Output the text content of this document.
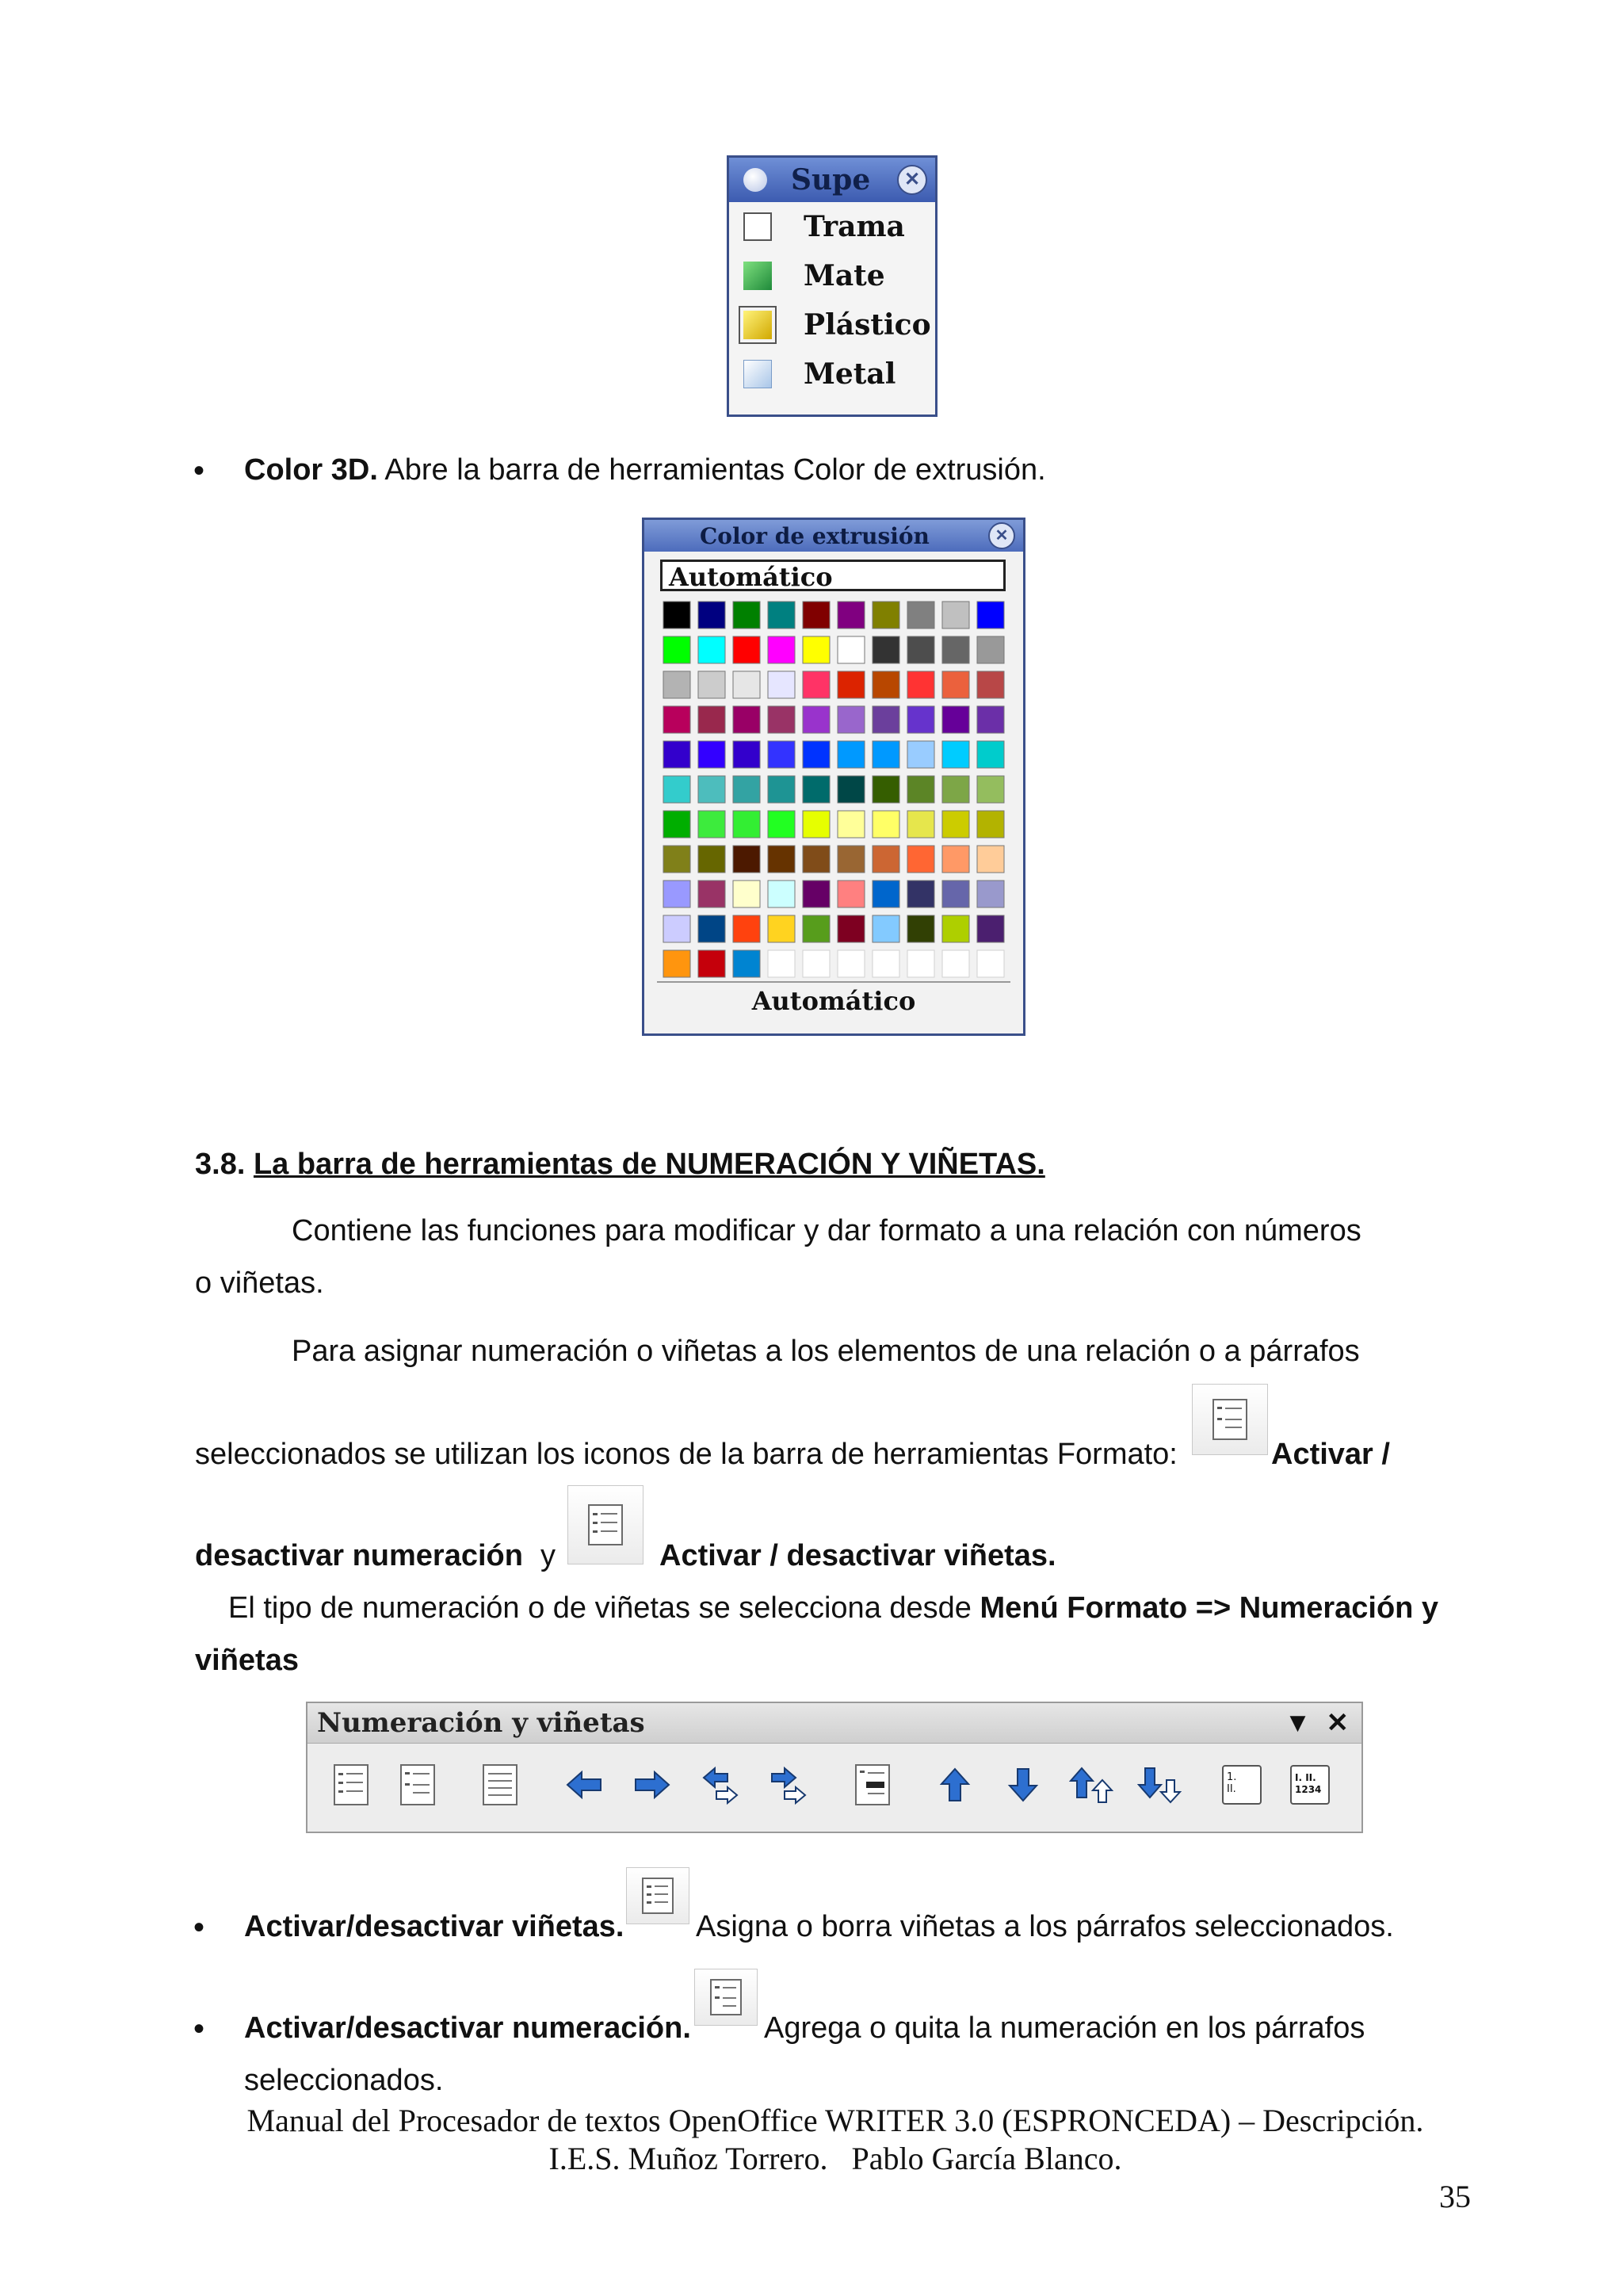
Supe	✕
Trama
Mate
Plástico
Metal
• Color 3D. Abre la barra de herramientas Color de extrusión.
Color de extrusión	✕
Automático
Automático
3.8. La barra de herramientas de NUMERACIÓN Y VIÑETAS.
Contiene las funciones para modificar y dar formato a una relación con números
o viñetas.
Para asignar numeración o viñetas a los elementos de una relación o a párrafos
seleccionados se utilizan los iconos de la barra de herramientas Formato:	Activar /
desactivar numeración y	Activar / desactivar viñetas.
El tipo de numeración o de viñetas se selecciona desde Menú Formato => Numeración y
viñetas
Numeración y viñetas	▼ ✕
1.
II.
I. II.
1234
• Activar/desactivar viñetas. Asigna o borra viñetas a los párrafos seleccionados.
• Activar/desactivar numeración. Agrega o quita la numeración en los párrafos
seleccionados.
Manual del Procesador de textos OpenOffice WRITER 3.0 (ESPRONCEDA) – Descripción.
I.E.S. Muñoz Torrero.   Pablo García Blanco.
35
